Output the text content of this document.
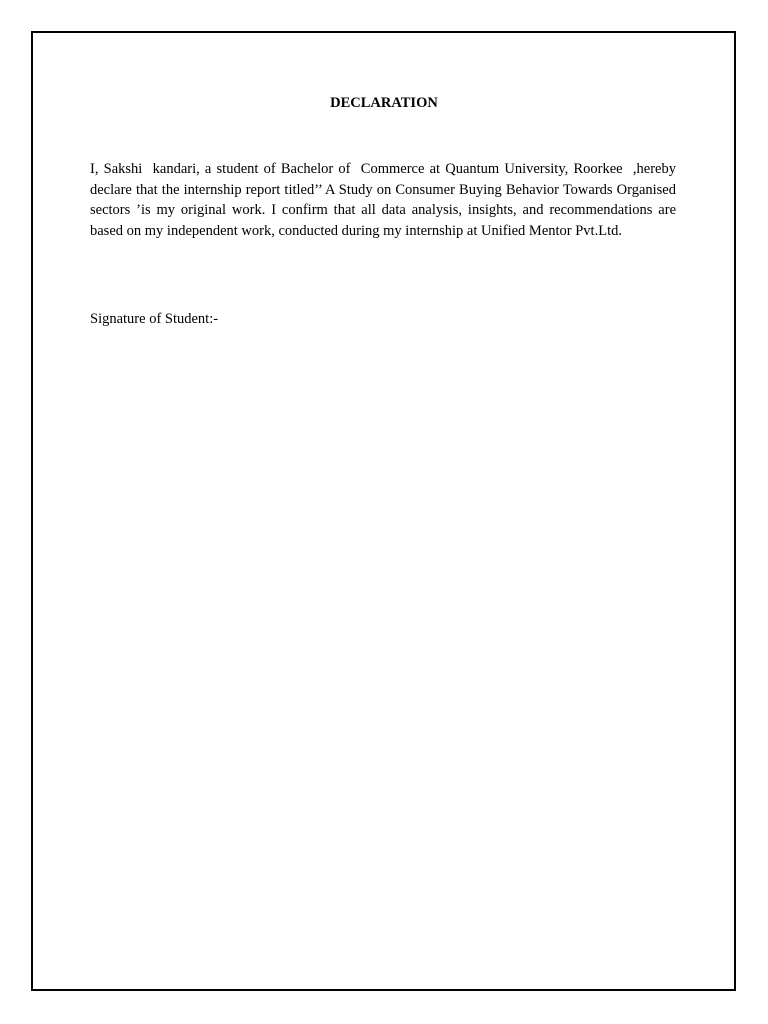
DECLARATION

I, Sakshi  kandari, a student of Bachelor of  Commerce at Quantum University, Roorkee  ,hereby declare that the internship report titled’’ A Study on Consumer Buying Behavior Towards Organised sectors ’is my original work. I confirm that all data analysis, insights, and recommendations are based on my independent work, conducted during my internship at Unified Mentor Pvt.Ltd.

Signature of Student:-
